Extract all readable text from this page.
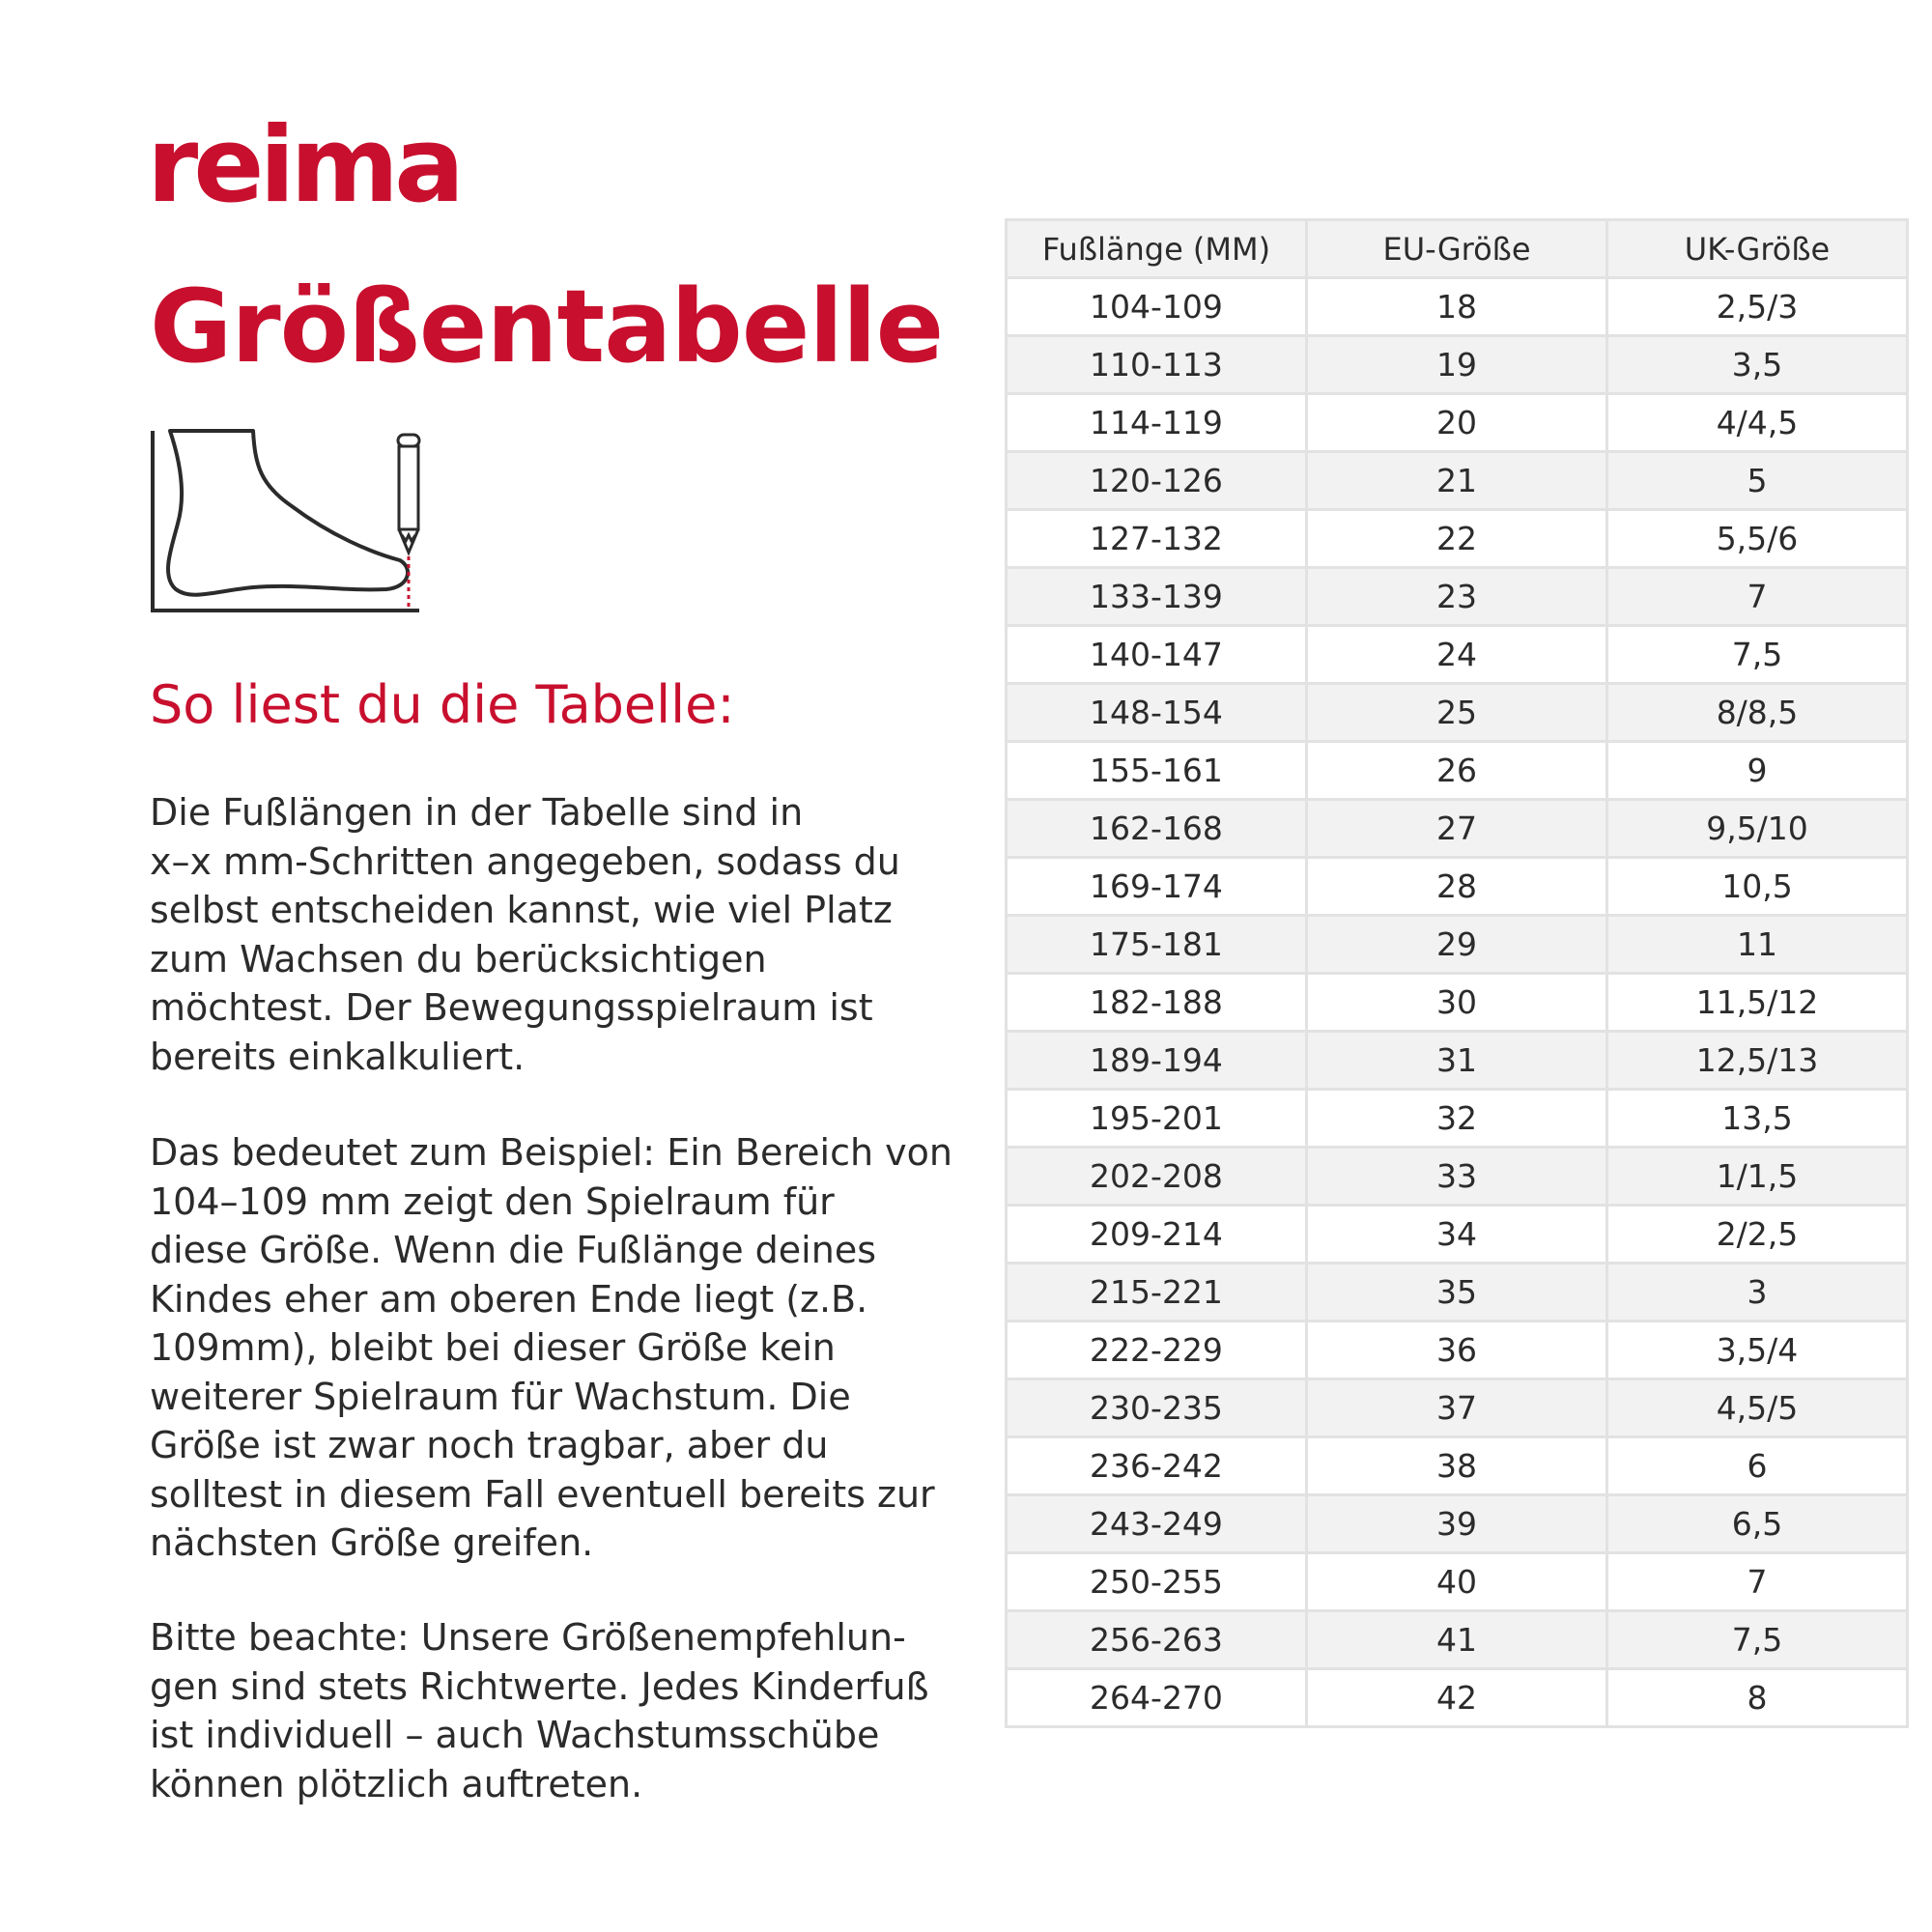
reima
Größentabelle
So liest du die Tabelle:
Die Fußlängen in der Tabelle sind in
x–x mm-Schritten angegeben, sodass du
selbst entscheiden kannst, wie viel Platz
zum Wachsen du berücksichtigen
möchtest. Der Bewegungsspielraum ist
bereits einkalkuliert.
Das bedeutet zum Beispiel: Ein Bereich von
104–109 mm zeigt den Spielraum für
diese Größe. Wenn die Fußlänge deines
Kindes eher am oberen Ende liegt (z.B.
109mm), bleibt bei dieser Größe kein
weiterer Spielraum für Wachstum. Die
Größe ist zwar noch tragbar, aber du
solltest in diesem Fall eventuell bereits zur
nächsten Größe greifen.
Bitte beachte: Unsere Größenempfehlun-
gen sind stets Richtwerte. Jedes Kinderfuß
ist individuell – auch Wachstumsschübe
können plötzlich auftreten.
Fußlänge (MM)	EU-Größe	UK-Größe
104-109	18	2,5/3
110-113	19	3,5
114-119	20	4/4,5
120-126	21	5
127-132	22	5,5/6
133-139	23	7
140-147	24	7,5
148-154	25	8/8,5
155-161	26	9
162-168	27	9,5/10
169-174	28	10,5
175-181	29	11
182-188	30	11,5/12
189-194	31	12,5/13
195-201	32	13,5
202-208	33	1/1,5
209-214	34	2/2,5
215-221	35	3
222-229	36	3,5/4
230-235	37	4,5/5
236-242	38	6
243-249	39	6,5
250-255	40	7
256-263	41	7,5
264-270	42	8
